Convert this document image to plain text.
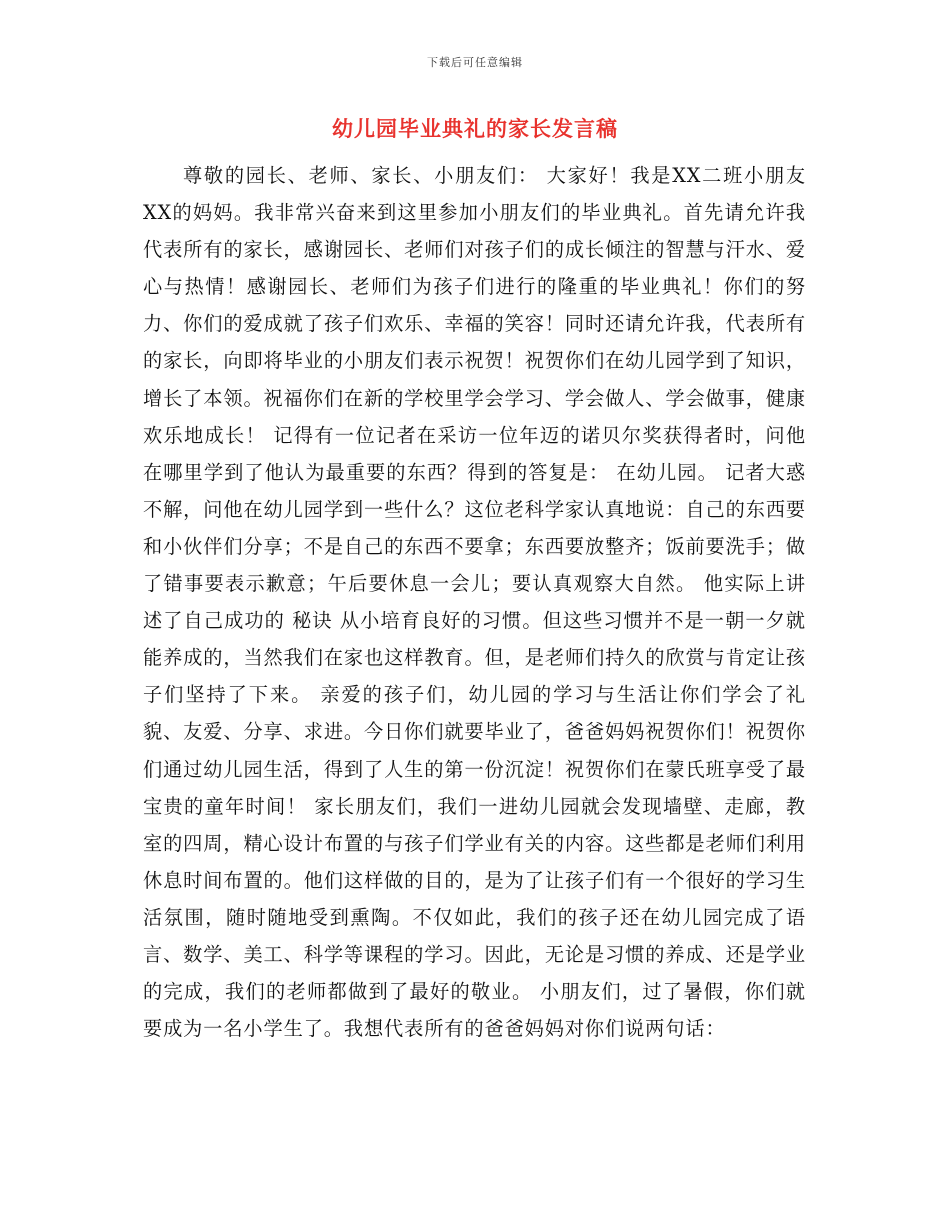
下载后可任意编辑
幼儿园毕业典礼的家长发言稿

尊敬的园长、老师、家长、小朋友们： 大家好！我是XX二班小朋友XX的妈妈。我非常兴奋来到这里参加小朋友们的毕业典礼。首先请允许我代表所有的家长，感谢园长、老师们对孩子们的成长倾注的智慧与汗水、爱心与热情！感谢园长、老师们为孩子们进行的隆重的毕业典礼！你们的努力、你们的爱成就了孩子们欢乐、幸福的笑容！同时还请允许我，代表所有的家长，向即将毕业的小朋友们表示祝贺！祝贺你们在幼儿园学到了知识，增长了本领。祝福你们在新的学校里学会学习、学会做人、学会做事，健康欢乐地成长！ 记得有一位记者在采访一位年迈的诺贝尔奖获得者时，问他在哪里学到了他认为最重要的东西？得到的答复是： 在幼儿园。 记者大惑不解，问他在幼儿园学到一些什么？这位老科学家认真地说：自己的东西要和小伙伴们分享；不是自己的东西不要拿；东西要放整齐；饭前要洗手；做了错事要表示歉意；午后要休息一会儿；要认真观察大自然。 他实际上讲述了自己成功的 秘诀 从小培育良好的习惯。但这些习惯并不是一朝一夕就能养成的，当然我们在家也这样教育。但，是老师们持久的欣赏与肯定让孩子们坚持了下来。 亲爱的孩子们，幼儿园的学习与生活让你们学会了礼貌、友爱、分享、求进。今日你们就要毕业了，爸爸妈妈祝贺你们！祝贺你们通过幼儿园生活，得到了人生的第一份沉淀！祝贺你们在蒙氏班享受了最宝贵的童年时间！ 家长朋友们，我们一进幼儿园就会发现墙壁、走廊，教室的四周，精心设计布置的与孩子们学业有关的内容。这些都是老师们利用休息时间布置的。他们这样做的目的，是为了让孩子们有一个很好的学习生活氛围，随时随地受到熏陶。不仅如此，我们的孩子还在幼儿园完成了语言、数学、美工、科学等课程的学习。因此，无论是习惯的养成、还是学业的完成，我们的老师都做到了最好的敬业。 小朋友们，过了暑假，你们就要成为一名小学生了。我想代表所有的爸爸妈妈对你们说两句话：
